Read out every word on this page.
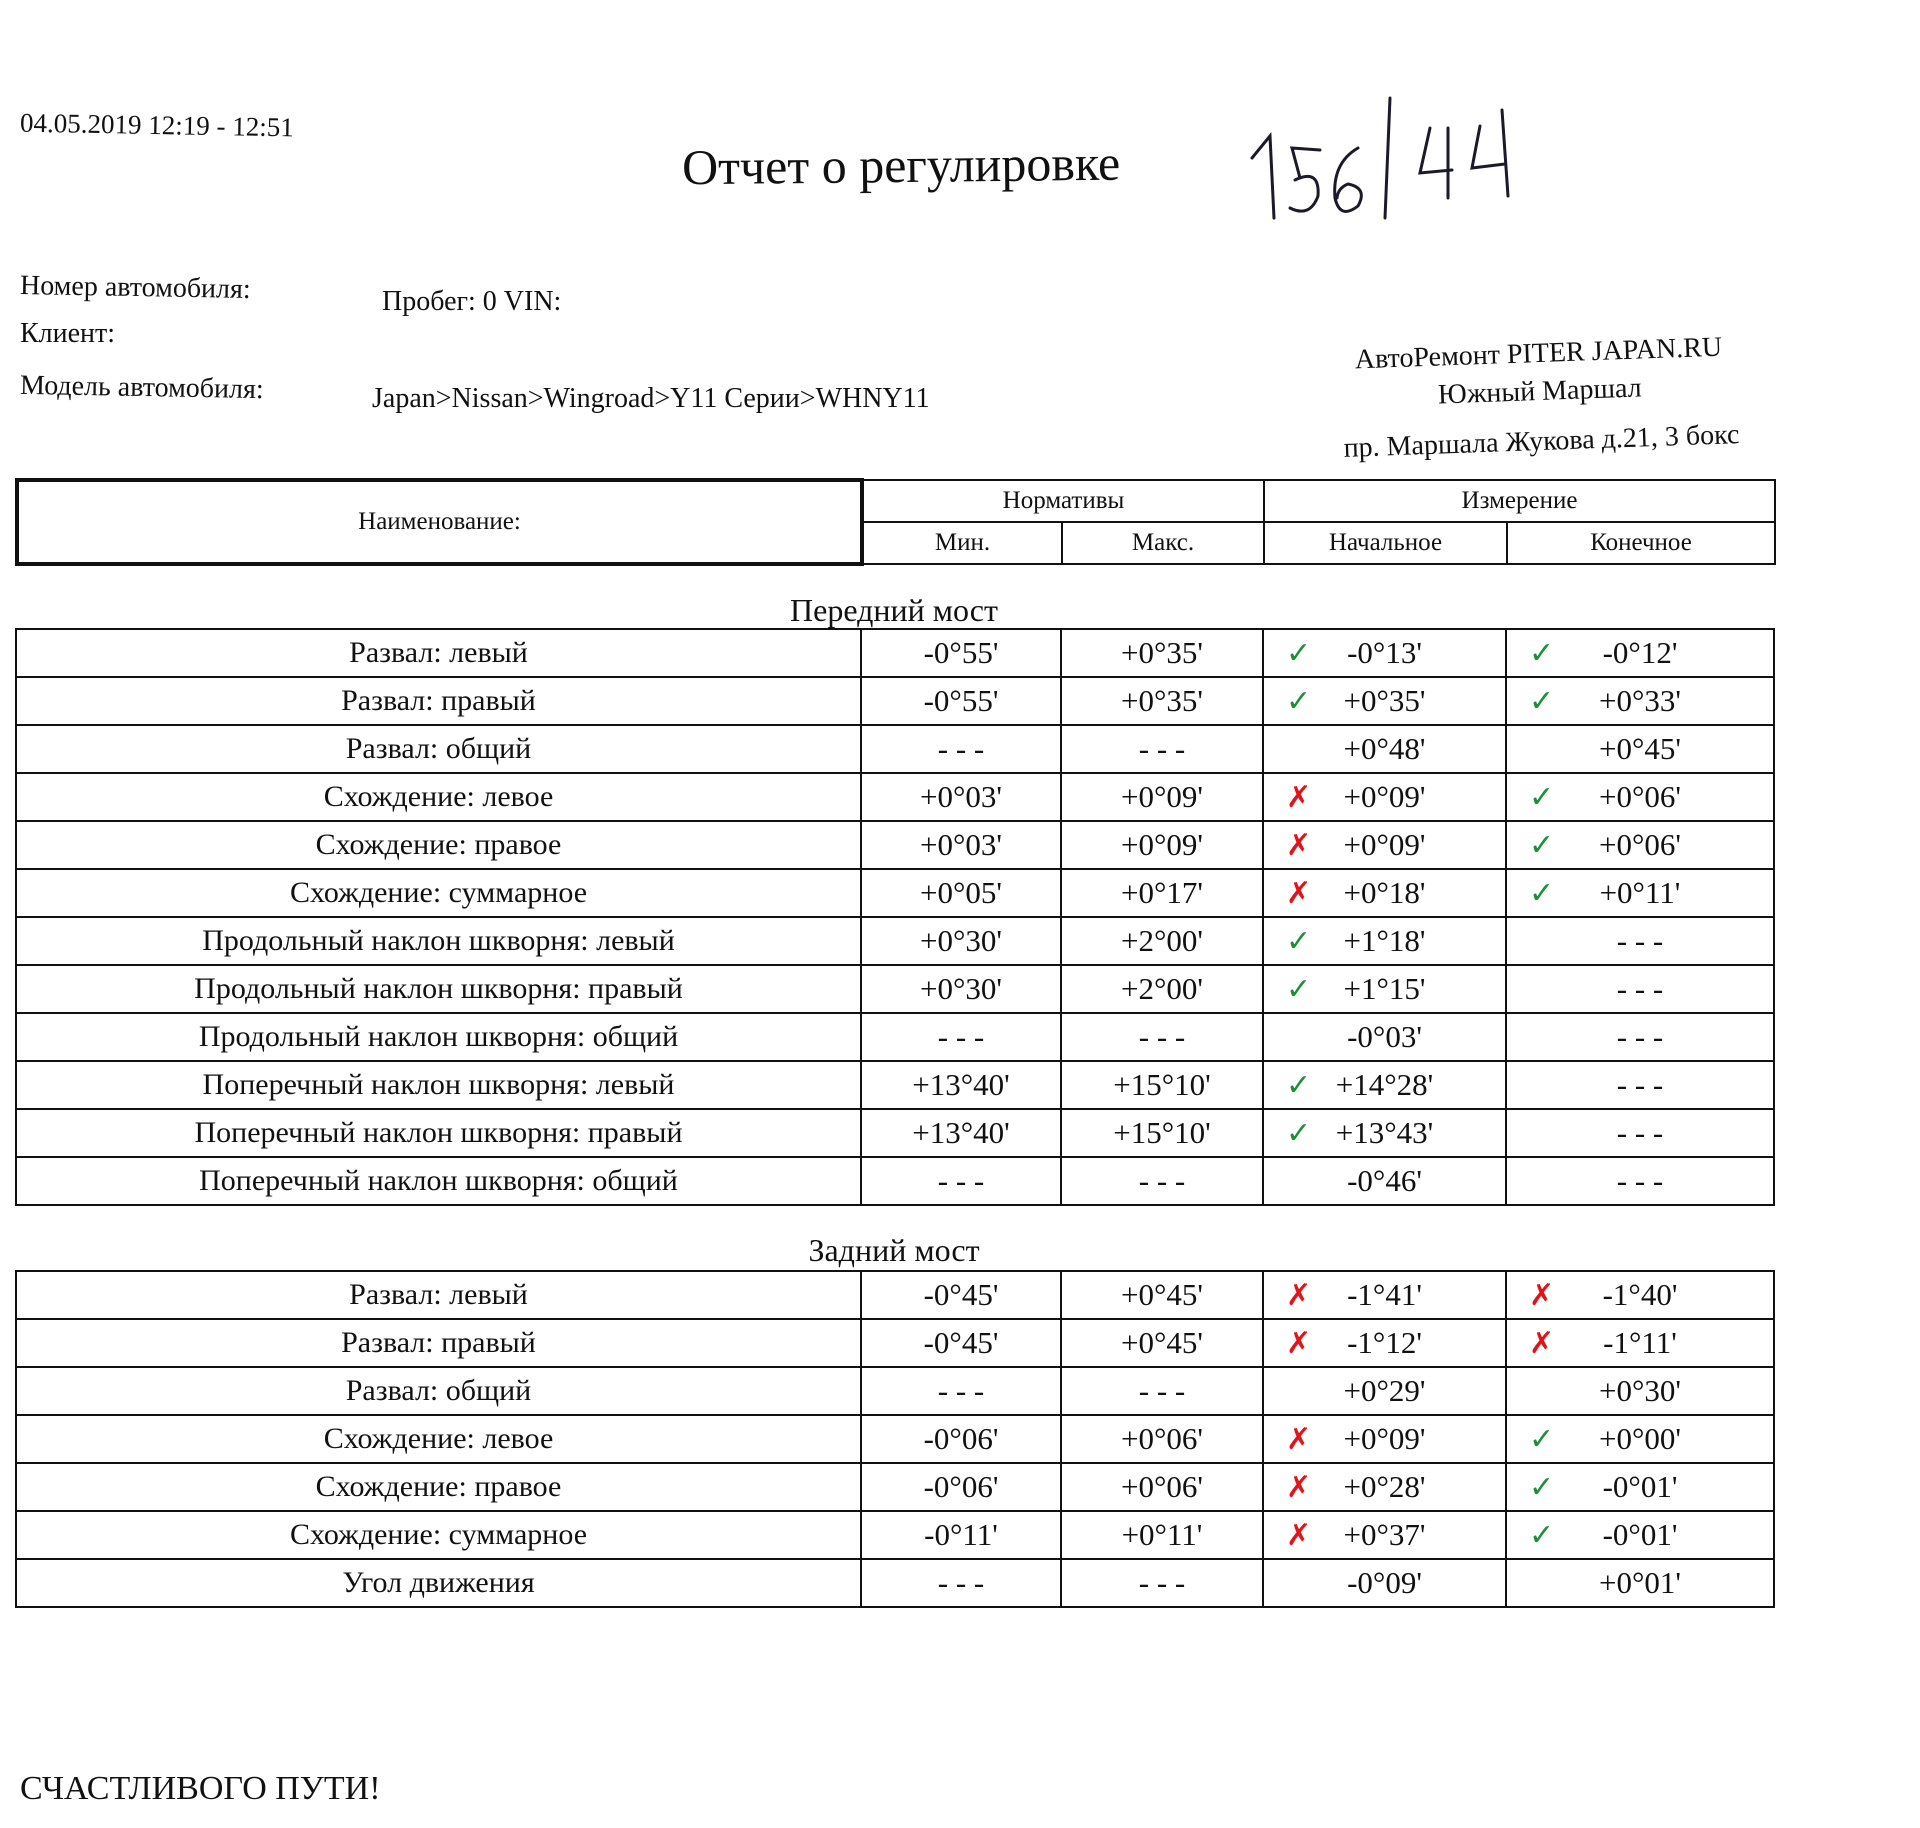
04.05.2019 12:19 - 12:51
Отчет о регулировке
Номер автомобиля:	Пробег: 0 VIN:
Клиент:
Модель автомобиля:	Japan>Nissan>Wingroad>Y11 Серии>WHNY11
АвтоРемонт PITER JAPAN.RU
Южный Маршал
пр. Маршала Жукова д.21, 3 бокс
Наименование:	Нормативы		Измерение	
	Мин.	Макс.	Начальное	Конечное
Передний мост
Развал: левый	-0°55'	+0°35'	✓ -0°13'	✓ -0°12'
Развал: правый	-0°55'	+0°35'	✓ +0°35'	✓ +0°33'
Развал: общий	- - -	- - -	+0°48'	+0°45'
Схождение: левое	+0°03'	+0°09'	✗ +0°09'	✓ +0°06'
Схождение: правое	+0°03'	+0°09'	✗ +0°09'	✓ +0°06'
Схождение: суммарное	+0°05'	+0°17'	✗ +0°18'	✓ +0°11'
Продольный наклон шкворня: левый	+0°30'	+2°00'	✓ +1°18'	- - -
Продольный наклон шкворня: правый	+0°30'	+2°00'	✓ +1°15'	- - -
Продольный наклон шкворня: общий	- - -	- - -	-0°03'	- - -
Поперечный наклон шкворня: левый	+13°40'	+15°10'	✓ +14°28'	- - -
Поперечный наклон шкворня: правый	+13°40'	+15°10'	✓ +13°43'	- - -
Поперечный наклон шкворня: общий	- - -	- - -	-0°46'	- - -
Задний мост
Развал: левый	-0°45'	+0°45'	✗ -1°41'	✗ -1°40'
Развал: правый	-0°45'	+0°45'	✗ -1°12'	✗ -1°11'
Развал: общий	- - -	- - -	+0°29'	+0°30'
Схождение: левое	-0°06'	+0°06'	✗ +0°09'	✓ +0°00'
Схождение: правое	-0°06'	+0°06'	✗ +0°28'	✓ -0°01'
Схождение: суммарное	-0°11'	+0°11'	✗ +0°37'	✓ -0°01'
Угол движения	- - -	- - -	-0°09'	+0°01'
СЧАСТЛИВОГО ПУТИ!
